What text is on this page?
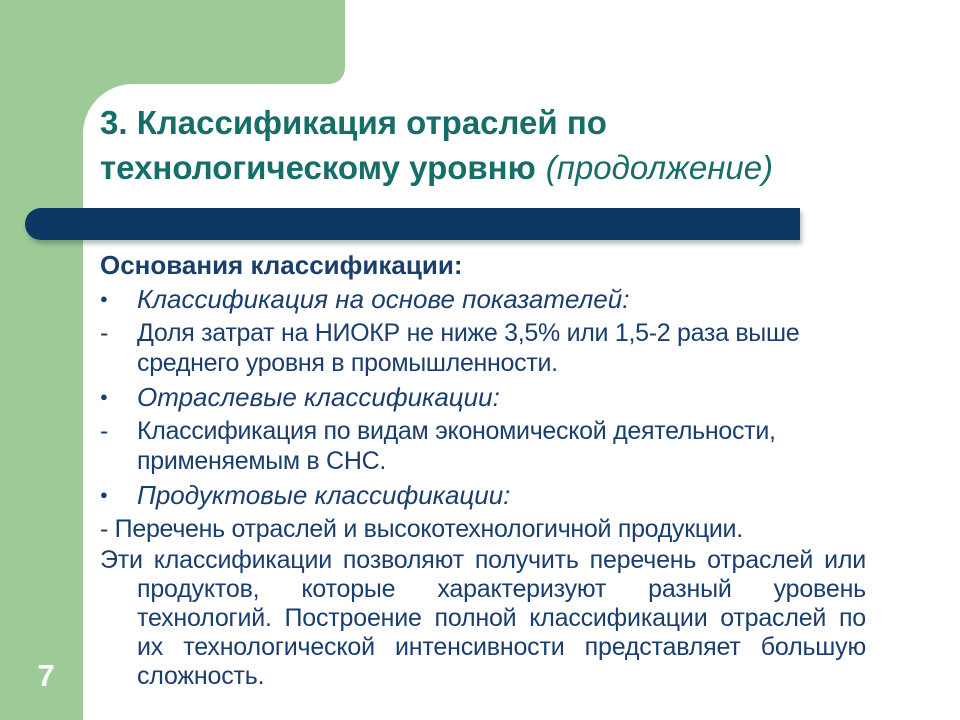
3. Классификация отраслей по технологическому уровню (продолжение)

Основания классификации:

●	Классификация на основе показателей:
-	Доля затрат на НИОКР не ниже 3,5% или 1,5-2 раза выше среднего уровня в промышленности.
●	Отраслевые классификации:
-	Классификация по видам экономической деятельности, применяемым в СНС.
●	Продуктовые классификации:

- Перечень отраслей и высокотехнологичной продукции.

Эти классификации позволяют получить перечень отраслей или продуктов, которые характеризуют разный уровень технологий. Построение полной классификации отраслей по их технологической интенсивности представляет большую сложность.

7
